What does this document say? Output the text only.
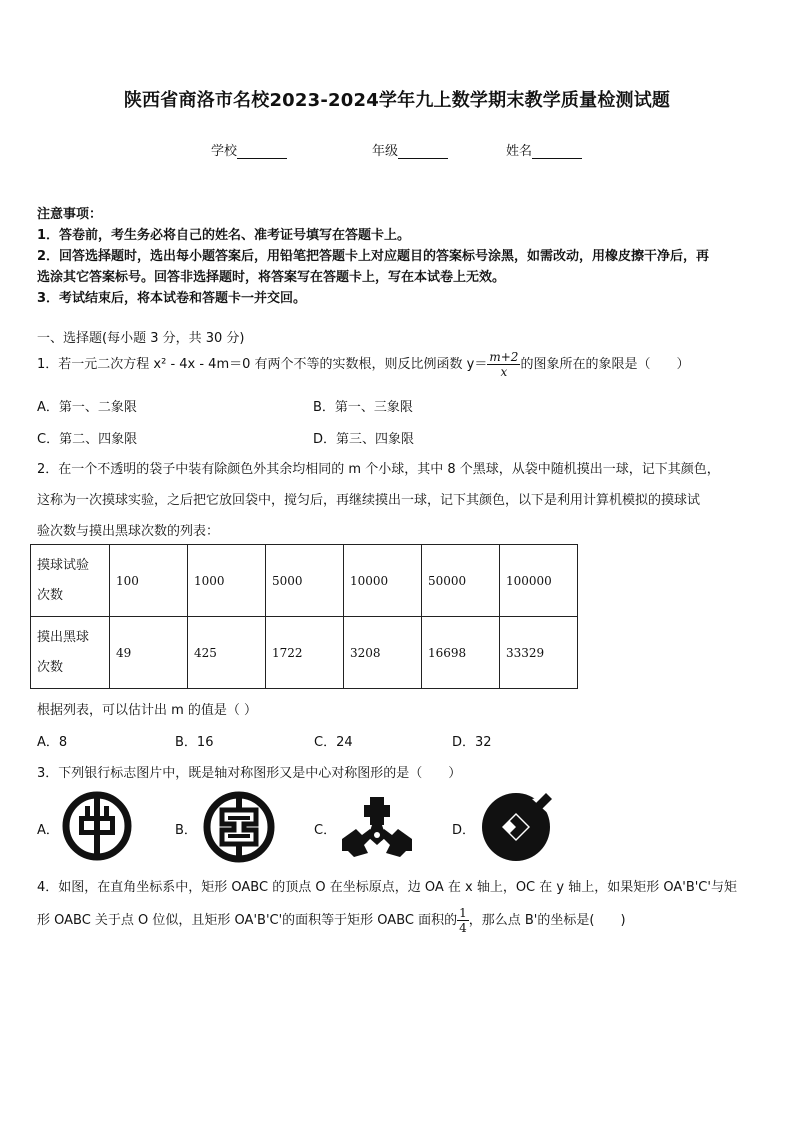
陕西省商洛市名校2023-2024学年九上数学期末教学质量检测试题
学校	年级	姓名
注意事项：
1．答卷前，考生务必将自己的姓名、准考证号填写在答题卡上。
2．回答选择题时，选出每小题答案后，用铅笔把答题卡上对应题目的答案标号涂黑，如需改动，用橡皮擦干净后，再
选涂其它答案标号。回答非选择题时，将答案写在答题卡上，写在本试卷上无效。
3．考试结束后，将本试卷和答题卡一并交回。
一、选择题(每小题 3 分，共 30 分)
1．若一元二次方程 x² - 4x - 4m＝0 有两个不等的实数根，则反比例函数 $y= \frac{m+2}{x}$ 的图象所在的象限是（　　）
A．第一、二象限	B．第一、三象限
C．第二、四象限	D．第三、四象限
2．在一个不透明的袋子中装有除颜色外其余均相同的 m 个小球，其中 8 个黑球，从袋中随机摸出一球，记下其颜色，
这称为一次摸球实验，之后把它放回袋中，搅匀后，再继续摸出一球，记下其颜色，以下是利用计算机模拟的摸球试
验次数与摸出黑球次数的列表：
摸球试验
次数	100	1000	5000	10000	50000	100000
摸出黑球
次数	49	425	1722	3208	16698	33329
根据列表，可以估计出 m 的值是（ ）
A．8	B．16	C．24	D．32
3．下列银行标志图片中，既是轴对称图形又是中心对称图形的是（　　）
A．	B．	C．	D．
4．如图，在直角坐标系中，矩形 OABC 的顶点 O 在坐标原点，边 OA 在 x 轴上，OC 在 y 轴上，如果矩形 OA'B'C'与矩
形 OABC 关于点 O 位似，且矩形 OA'B'C'的面积等于矩形 OABC 面积的 $\frac{1}{4}$ ，那么点 B'的坐标是(　　)
